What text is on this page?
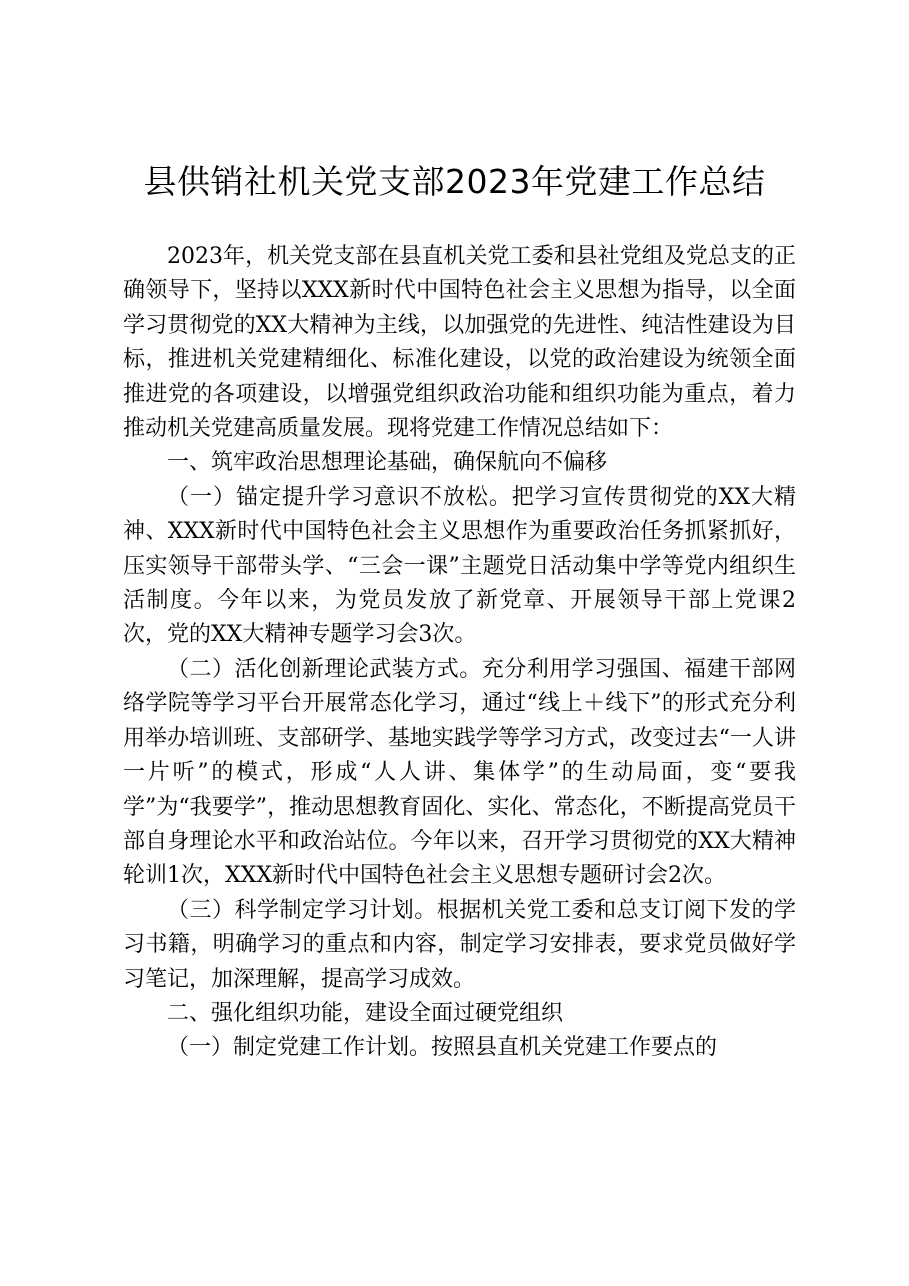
县供销社机关党支部2023年党建工作总结

2023年，机关党支部在县直机关党工委和县社党组及党总支的正确领导下，坚持以XXX新时代中国特色社会主义思想为指导，以全面学习贯彻党的XX大精神为主线，以加强党的先进性、纯洁性建设为目标，推进机关党建精细化、标准化建设，以党的政治建设为统领全面推进党的各项建设，以增强党组织政治功能和组织功能为重点，着力推动机关党建高质量发展。现将党建工作情况总结如下：

一、筑牢政治思想理论基础，确保航向不偏移

（一）锚定提升学习意识不放松。把学习宣传贯彻党的XX大精神、XXX新时代中国特色社会主义思想作为重要政治任务抓紧抓好，压实领导干部带头学、“三会一课”主题党日活动集中学等党内组织生活制度。今年以来，为党员发放了新党章、开展领导干部上党课2次，党的XX大精神专题学习会3次。

（二）活化创新理论武装方式。充分利用学习强国、福建干部网络学院等学习平台开展常态化学习，通过“线上＋线下”的形式充分利用举办培训班、支部研学、基地实践学等学习方式，改变过去“一人讲一片听”的模式，形成“人人讲、集体学”的生动局面，变“要我学”为“我要学”，推动思想教育固化、实化、常态化，不断提高党员干部自身理论水平和政治站位。今年以来，召开学习贯彻党的XX大精神轮训1次，XXX新时代中国特色社会主义思想专题研讨会2次。

（三）科学制定学习计划。根据机关党工委和总支订阅下发的学习书籍，明确学习的重点和内容，制定学习安排表，要求党员做好学习笔记，加深理解，提高学习成效。

二、强化组织功能，建设全面过硬党组织

（一）制定党建工作计划。按照县直机关党建工作要点的
